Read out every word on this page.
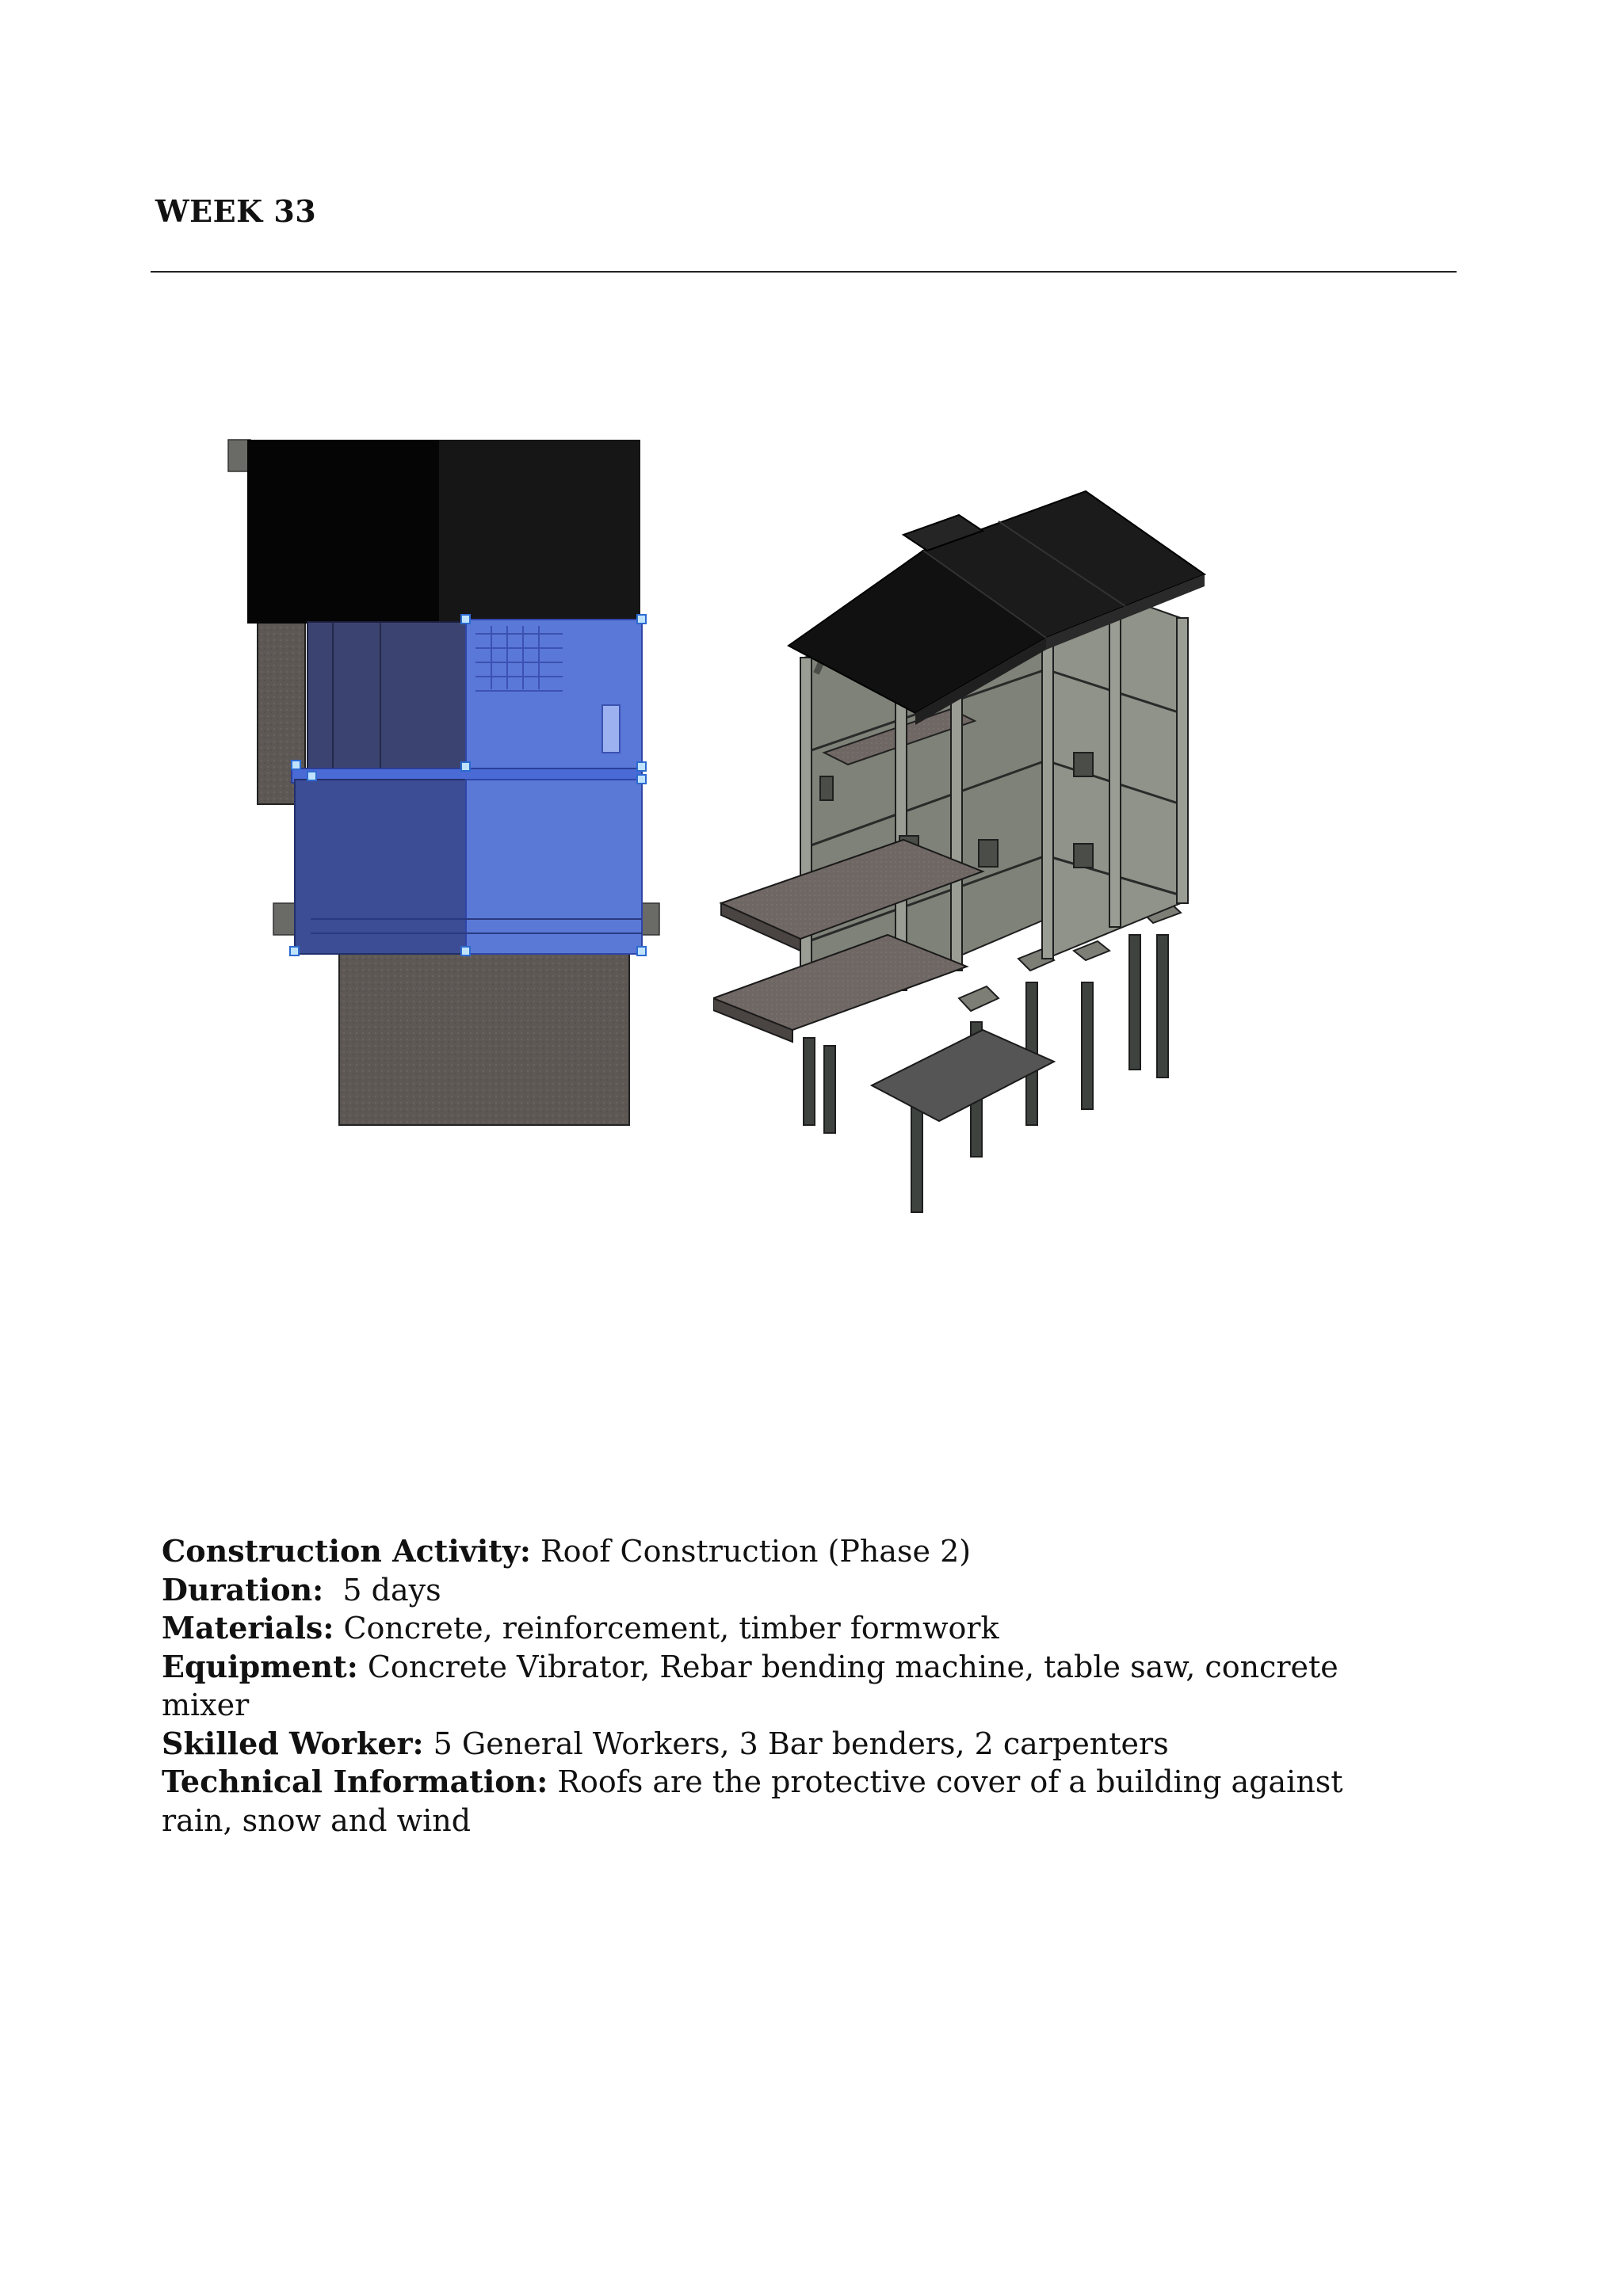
WEEK 33
Construction Activity: Roof Construction (Phase 2)
Duration:  5 days
Materials: Concrete, reinforcement, timber formwork
Equipment: Concrete Vibrator, Rebar bending machine, table saw, concrete mixer
Skilled Worker: 5 General Workers, 3 Bar benders, 2 carpenters
Technical Information: Roofs are the protective cover of a building against rain, snow and wind
